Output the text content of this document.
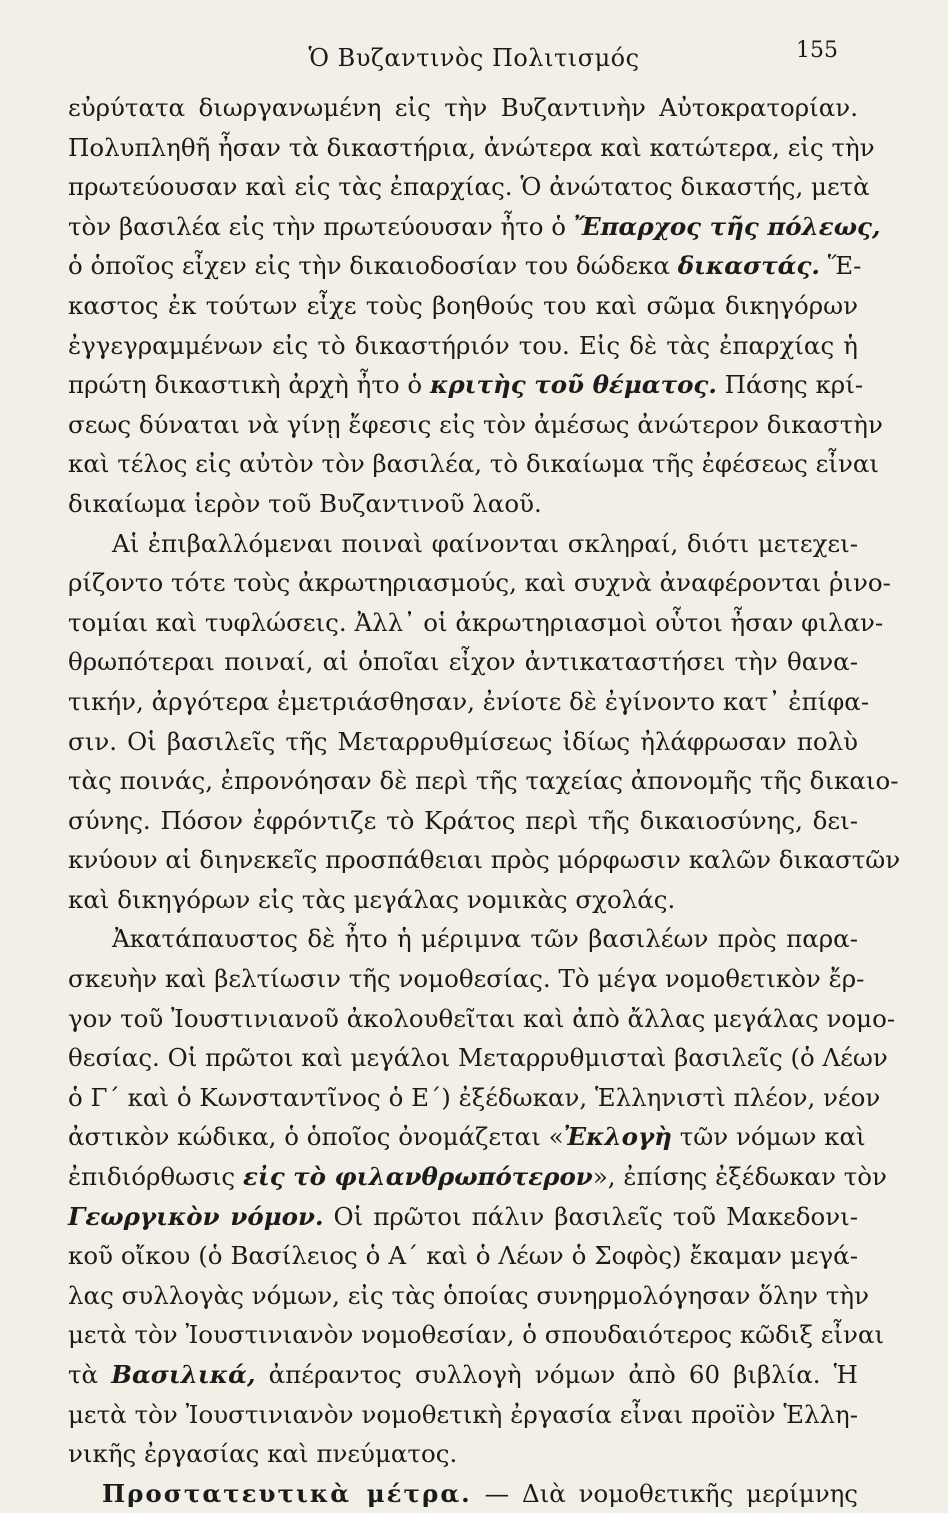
Ὁ Βυζαντινὸς Πολιτισμός	155
εὐρύτατα διωργανωμένη εἰς τὴν Βυζαντινὴν Αὐτοκρατορίαν.
Πολυπληθῆ ἦσαν τὰ δικαστήρια, ἀνώτερα καὶ κατώτερα, εἰς τὴν
πρωτεύουσαν καὶ εἰς τὰς ἐπαρχίας. Ὁ ἀνώτατος δικαστής, μετὰ
τὸν βασιλέα εἰς τὴν πρωτεύουσαν ἦτο ὁ Ἔπαρχος τῆς πόλεως,
ὁ ὁποῖος εἶχεν εἰς τὴν δικαιοδοσίαν του δώδεκα δικαστάς. Ἕ-
καστος ἐκ τούτων εἶχε τοὺς βοηθούς του καὶ σῶμα δικηγόρων
ἐγγεγραμμένων εἰς τὸ δικαστήριόν του. Εἰς δὲ τὰς ἐπαρχίας ἡ
πρώτη δικαστικὴ ἀρχὴ ἦτο ὁ κριτὴς τοῦ θέματος. Πάσης κρί-
σεως δύναται νὰ γίνῃ ἔφεσις εἰς τὸν ἀμέσως ἀνώτερον δικαστὴν
καὶ τέλος εἰς αὐτὸν τὸν βασιλέα, τὸ δικαίωμα τῆς ἐφέσεως εἶναι
δικαίωμα ἱερὸν τοῦ Βυζαντινοῦ λαοῦ.
Αἱ ἐπιβαλλόμεναι ποιναὶ φαίνονται σκληραί, διότι μετεχει-
ρίζοντο τότε τοὺς ἀκρωτηριασμούς, καὶ συχνὰ ἀναφέρονται ῥινο-
τομίαι καὶ τυφλώσεις. Ἀλλ᾽ οἱ ἀκρωτηριασμοὶ οὗτοι ἦσαν φιλαν-
θρωπότεραι ποιναί, αἱ ὁποῖαι εἶχον ἀντικαταστήσει τὴν θανα-
τικήν, ἀργότερα ἐμετριάσθησαν, ἐνίοτε δὲ ἐγίνοντο κατ᾽ ἐπίφα-
σιν. Οἱ βασιλεῖς τῆς Μεταρρυθμίσεως ἰδίως ἠλάφρωσαν πολὺ
τὰς ποινάς, ἐπρονόησαν δὲ περὶ τῆς ταχείας ἀπονομῆς τῆς δικαιο-
σύνης. Πόσον ἐφρόντιζε τὸ Κράτος περὶ τῆς δικαιοσύνης, δει-
κνύουν αἱ διηνεκεῖς προσπάθειαι πρὸς μόρφωσιν καλῶν δικαστῶν
καὶ δικηγόρων εἰς τὰς μεγάλας νομικὰς σχολάς.
Ἀκατάπαυστος δὲ ἦτο ἡ μέριμνα τῶν βασιλέων πρὸς παρα-
σκευὴν καὶ βελτίωσιν τῆς νομοθεσίας. Τὸ μέγα νομοθετικὸν ἔρ-
γον τοῦ Ἰουστινιανοῦ ἀκολουθεῖται καὶ ἀπὸ ἄλλας μεγάλας νομο-
θεσίας. Οἱ πρῶτοι καὶ μεγάλοι Μεταρρυθμισταὶ βασιλεῖς (ὁ Λέων
ὁ Γ΄ καὶ ὁ Κωνσταντῖνος ὁ Ε΄) ἐξέδωκαν, Ἑλληνιστὶ πλέον, νέον
ἀστικὸν κώδικα, ὁ ὁποῖος ὀνομάζεται «Ἐκλογὴ τῶν νόμων καὶ
ἐπιδιόρθωσις εἰς τὸ φιλανθρωπότερον», ἐπίσης ἐξέδωκαν τὸν
Γεωργικὸν νόμον. Οἱ πρῶτοι πάλιν βασιλεῖς τοῦ Μακεδονι-
κοῦ οἴκου (ὁ Βασίλειος ὁ Α΄ καὶ ὁ Λέων ὁ Σοφὸς) ἔκαμαν μεγά-
λας συλλογὰς νόμων, εἰς τὰς ὁποίας συνηρμολόγησαν ὅλην τὴν
μετὰ τὸν Ἰουστινιανὸν νομοθεσίαν, ὁ σπουδαιότερος κῶδιξ εἶναι
τὰ Βασιλικά, ἀπέραντος συλλογὴ νόμων ἀπὸ 60 βιβλία. Ἡ
μετὰ τὸν Ἰουστινιανὸν νομοθετικὴ ἐργασία εἶναι προϊὸν Ἑλλη-
νικῆς ἐργασίας καὶ πνεύματος.
Προστατευτικὰ μέτρα. — Διὰ νομοθετικῆς μερίμνης
